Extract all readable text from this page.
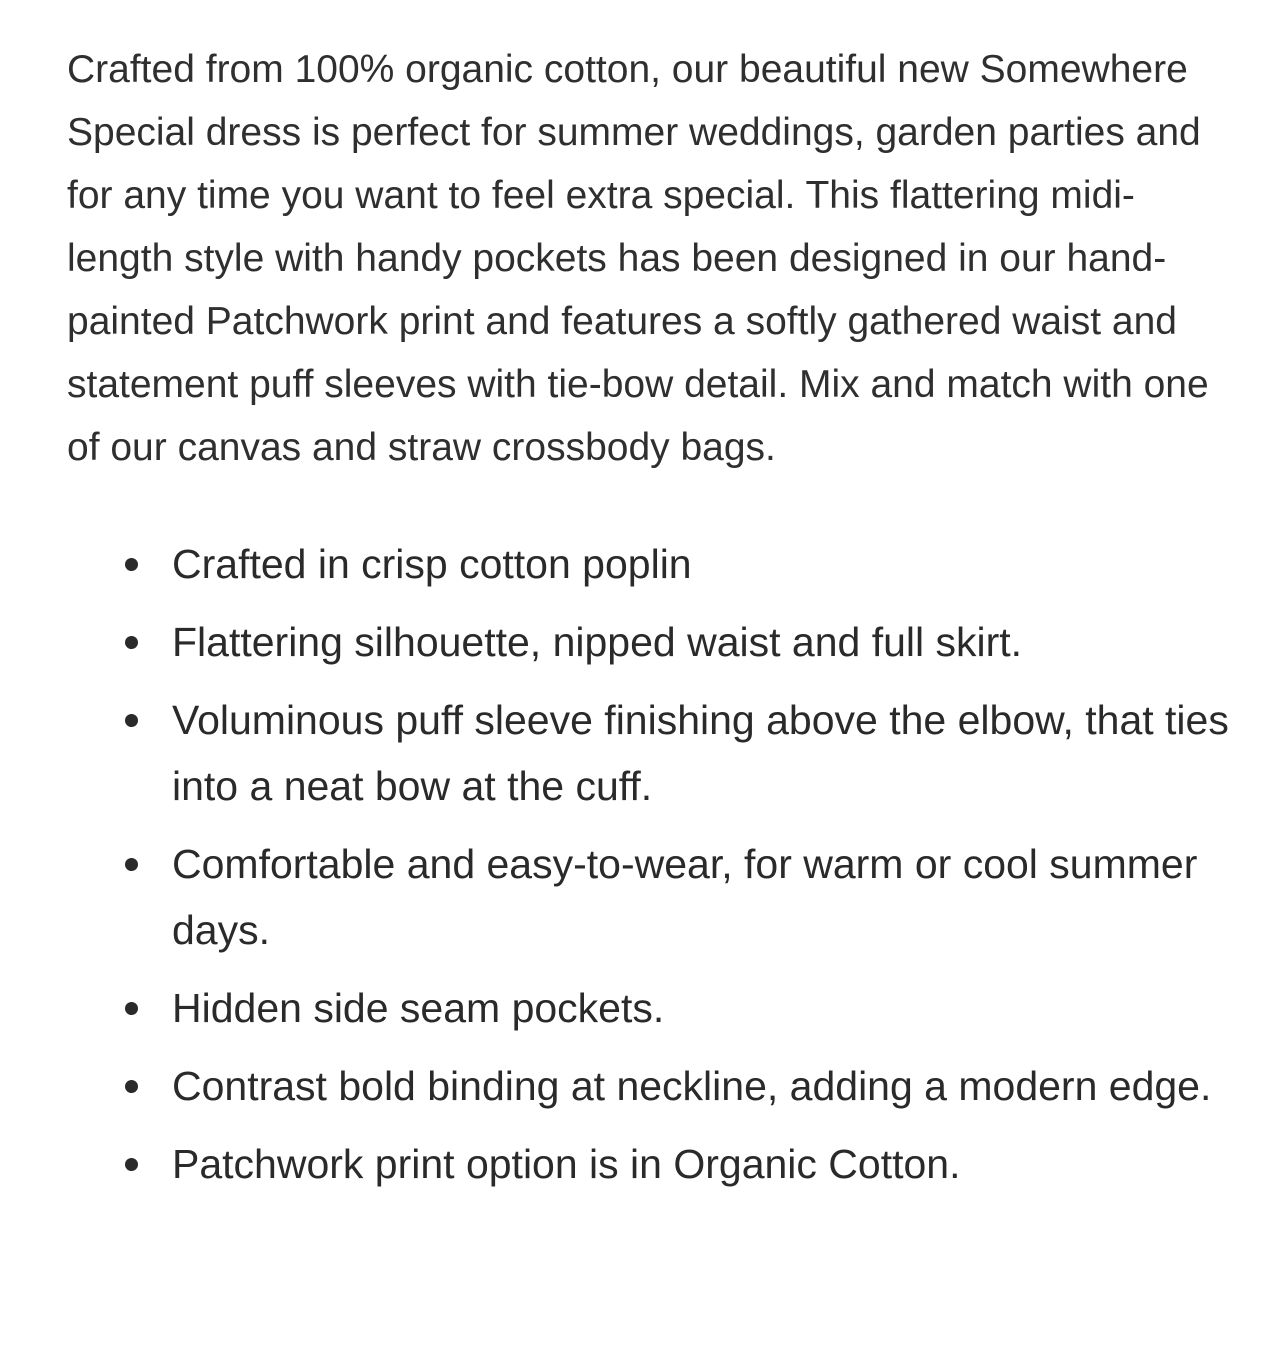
Crafted from 100% organic cotton, our beautiful new Somewhere Special dress is perfect for summer weddings, garden parties and for any time you want to feel extra special. This flattering midi-length style with handy pockets has been designed in our hand-painted Patchwork print and features a softly gathered waist and statement puff sleeves with tie-bow detail. Mix and match with one of our canvas and straw crossbody bags.

Crafted in crisp cotton poplin
Flattering silhouette, nipped waist and full skirt.
Voluminous puff sleeve finishing above the elbow, that ties into a neat bow at the cuff.
Comfortable and easy-to-wear, for warm or cool summer days.
Hidden side seam pockets.
Contrast bold binding at neckline, adding a modern edge.
Patchwork print option is in Organic Cotton.
